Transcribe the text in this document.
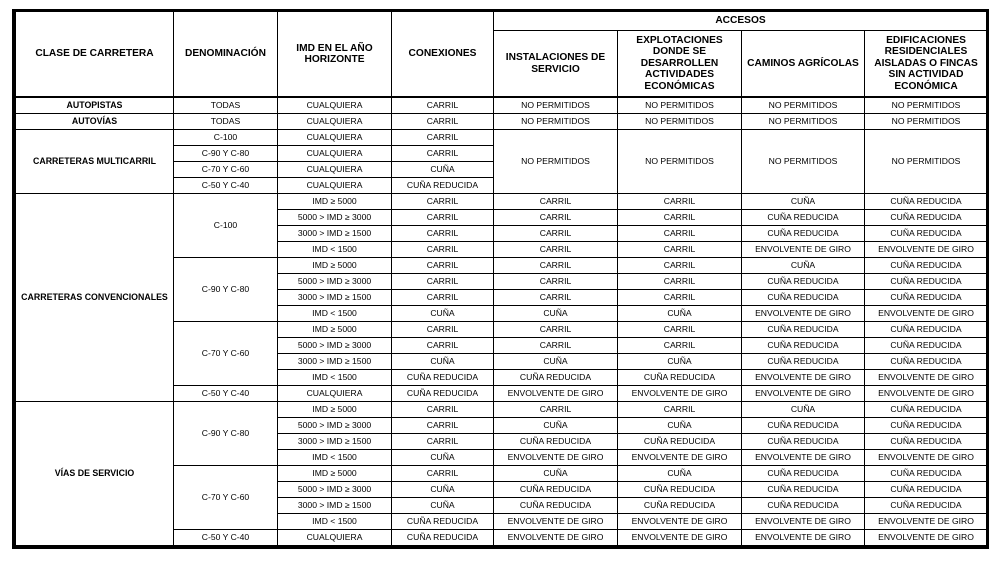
CLASE DE CARRETERA	DENOMINACIÓN	IMD EN EL AÑO HORIZONTE	CONEXIONES	ACCESOS			
				INSTALACIONES DE SERVICIO	EXPLOTACIONES DONDE SE DESARROLLEN ACTIVIDADES ECONÓMICAS	CAMINOS AGRÍCOLAS	EDIFICACIONES RESIDENCIALES AISLADAS O FINCAS SIN ACTIVIDAD ECONÓMICA
AUTOPISTAS	TODAS	CUALQUIERA	CARRIL	NO PERMITIDOS	NO PERMITIDOS	NO PERMITIDOS	NO PERMITIDOS
AUTOVÍAS	TODAS	CUALQUIERA	CARRIL	NO PERMITIDOS	NO PERMITIDOS	NO PERMITIDOS	NO PERMITIDOS
CARRETERAS MULTICARRIL	C-100	CUALQUIERA	CARRIL	NO PERMITIDOS	NO PERMITIDOS	NO PERMITIDOS	NO PERMITIDOS
	C-90 Y C-80	CUALQUIERA	CARRIL				
	C-70 Y C-60	CUALQUIERA	CUÑA				
	C-50 Y C-40	CUALQUIERA	CUÑA REDUCIDA				
CARRETERAS CONVENCIONALES	C-100	IMD ≥ 5000	CARRIL	CARRIL	CARRIL	CUÑA	CUÑA REDUCIDA
		5000 > IMD ≥ 3000	CARRIL	CARRIL	CARRIL	CUÑA REDUCIDA	CUÑA REDUCIDA
		3000 > IMD ≥ 1500	CARRIL	CARRIL	CARRIL	CUÑA REDUCIDA	CUÑA REDUCIDA
		IMD < 1500	CARRIL	CARRIL	CARRIL	ENVOLVENTE DE GIRO	ENVOLVENTE DE GIRO
	C-90 Y C-80	IMD ≥ 5000	CARRIL	CARRIL	CARRIL	CUÑA	CUÑA REDUCIDA
		5000 > IMD ≥ 3000	CARRIL	CARRIL	CARRIL	CUÑA REDUCIDA	CUÑA REDUCIDA
		3000 > IMD ≥ 1500	CARRIL	CARRIL	CARRIL	CUÑA REDUCIDA	CUÑA REDUCIDA
		IMD < 1500	CUÑA	CUÑA	CUÑA	ENVOLVENTE DE GIRO	ENVOLVENTE DE GIRO
	C-70 Y C-60	IMD ≥ 5000	CARRIL	CARRIL	CARRIL	CUÑA REDUCIDA	CUÑA REDUCIDA
		5000 > IMD ≥ 3000	CARRIL	CARRIL	CARRIL	CUÑA REDUCIDA	CUÑA REDUCIDA
		3000 > IMD ≥ 1500	CUÑA	CUÑA	CUÑA	CUÑA REDUCIDA	CUÑA REDUCIDA
		IMD < 1500	CUÑA REDUCIDA	CUÑA REDUCIDA	CUÑA REDUCIDA	ENVOLVENTE DE GIRO	ENVOLVENTE DE GIRO
	C-50 Y C-40	CUALQUIERA	CUÑA REDUCIDA	ENVOLVENTE DE GIRO	ENVOLVENTE DE GIRO	ENVOLVENTE DE GIRO	ENVOLVENTE DE GIRO
VÍAS DE SERVICIO	C-90 Y C-80	IMD ≥ 5000	CARRIL	CARRIL	CARRIL	CUÑA	CUÑA REDUCIDA
		5000 > IMD ≥ 3000	CARRIL	CUÑA	CUÑA	CUÑA REDUCIDA	CUÑA REDUCIDA
		3000 > IMD ≥ 1500	CARRIL	CUÑA REDUCIDA	CUÑA REDUCIDA	CUÑA REDUCIDA	CUÑA REDUCIDA
		IMD < 1500	CUÑA	ENVOLVENTE DE GIRO	ENVOLVENTE DE GIRO	ENVOLVENTE DE GIRO	ENVOLVENTE DE GIRO
	C-70 Y C-60	IMD ≥ 5000	CARRIL	CUÑA	CUÑA	CUÑA REDUCIDA	CUÑA REDUCIDA
		5000 > IMD ≥ 3000	CUÑA	CUÑA REDUCIDA	CUÑA REDUCIDA	CUÑA REDUCIDA	CUÑA REDUCIDA
		3000 > IMD ≥ 1500	CUÑA	CUÑA REDUCIDA	CUÑA REDUCIDA	CUÑA REDUCIDA	CUÑA REDUCIDA
		IMD < 1500	CUÑA REDUCIDA	ENVOLVENTE DE GIRO	ENVOLVENTE DE GIRO	ENVOLVENTE DE GIRO	ENVOLVENTE DE GIRO
	C-50 Y C-40	CUALQUIERA	CUÑA REDUCIDA	ENVOLVENTE DE GIRO	ENVOLVENTE DE GIRO	ENVOLVENTE DE GIRO	ENVOLVENTE DE GIRO
